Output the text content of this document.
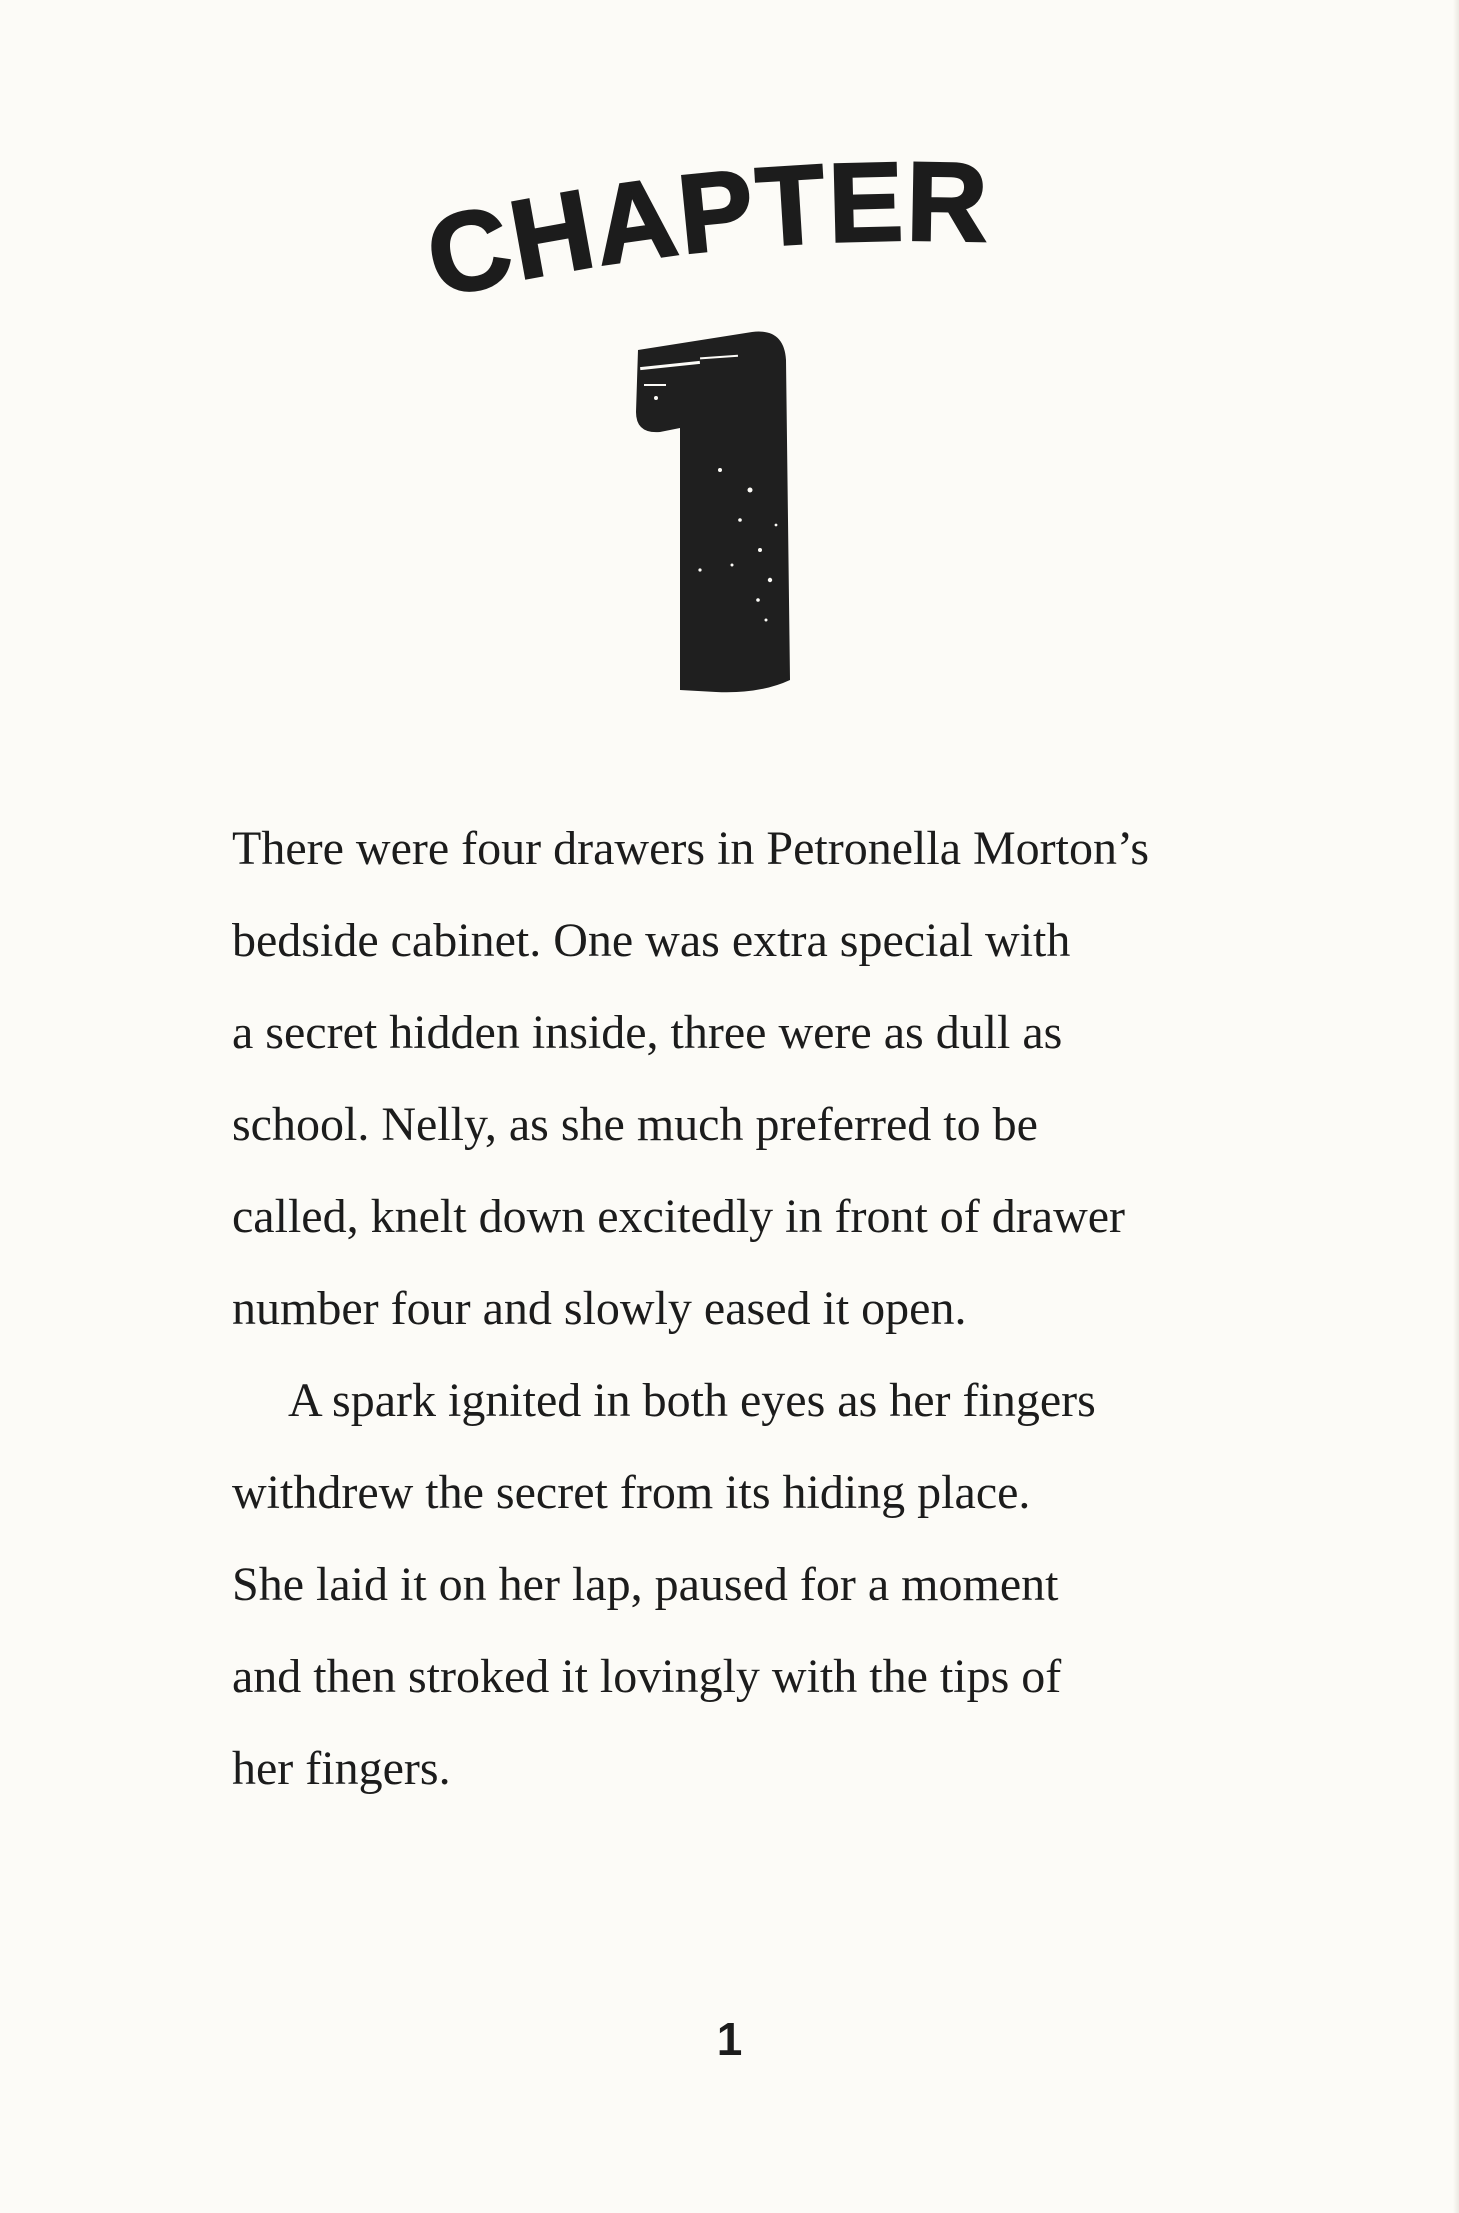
CHAPTER
1
There were four drawers in Petronella Morton’s
bedside cabinet. One was extra special with
a secret hidden inside, three were as dull as
school. Nelly, as she much preferred to be
called, knelt down excitedly in front of drawer
number four and slowly eased it open.
A spark ignited in both eyes as her fingers
withdrew the secret from its hiding place.
She laid it on her lap, paused for a moment
and then stroked it lovingly with the tips of
her fingers.
1
